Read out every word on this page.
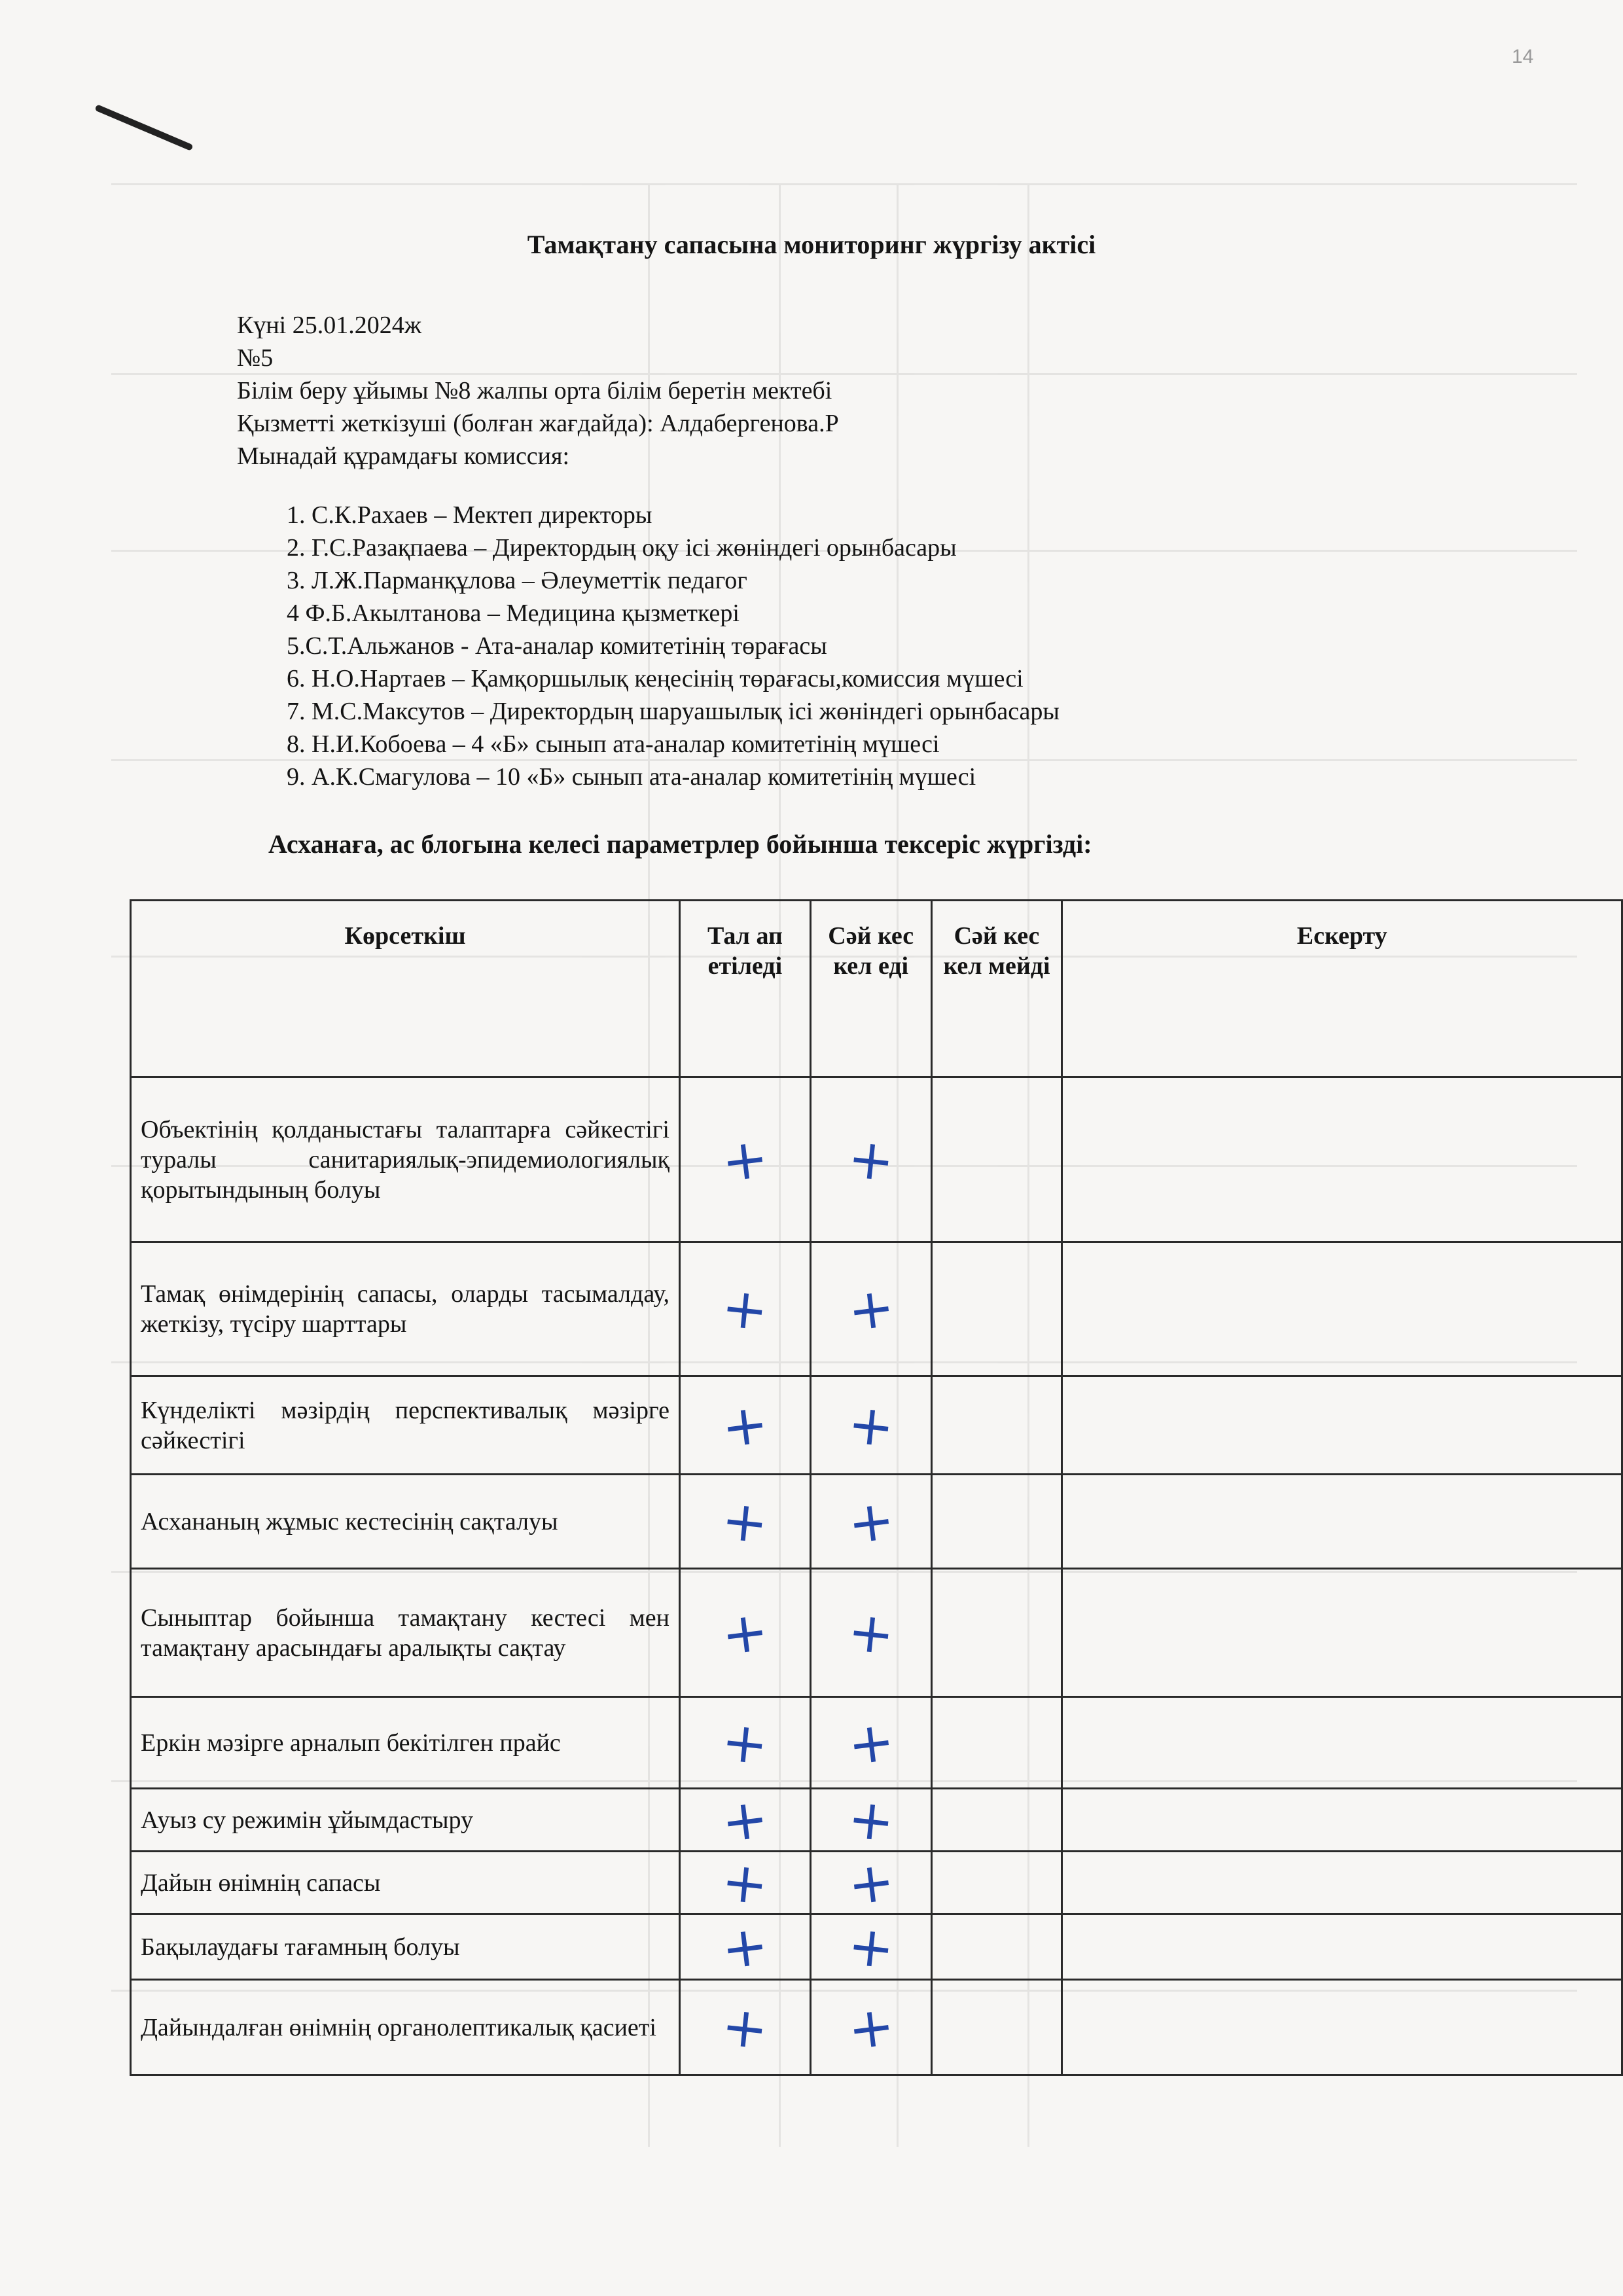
14
Тамақтану сапасына мониторинг жүргізу актісі
Күні 25.01.2024ж
№5
Білім беру ұйымы №8 жалпы орта білім беретін мектебі
Қызметті жеткізуші (болған жағдайда): Алдабергенова.Р
Мынадай құрамдағы комиссия:
1. С.К.Рахаев – Мектеп директоры
2. Г.С.Разақпаева – Директордың оқу ісі жөніндегі орынбасары
3. Л.Ж.Парманқұлова – Әлеуметтік педагог
4 Ф.Б.Акылтанова – Медицина қызметкері
5.С.Т.Альжанов - Ата-аналар комитетінің төрағасы
6. Н.О.Нартаев – Қамқоршылық кеңесінің төрағасы,комиссия мүшесі
7. М.С.Максутов – Директордың шаруашылық ісі жөніндегі орынбасары
8. Н.И.Кобоева – 4 «Б» сынып ата-аналар комитетінің мүшесі
9. А.К.Смагулова – 10 «Б» сынып ата-аналар комитетінің мүшесі
Асханаға, ас блогына келесі параметрлер бойынша тексеріс жүргізді:
Көрсеткіш	Тал ап етіледі	Сәй кес кел еді	Сәй кес кел мейді	Ескерту
Объектінің қолданыстағы талаптарға сәйкестігі туралы санитариялық-эпидемиологиялық қорытындының болуы	+	+		
Тамақ өнімдерінің сапасы, оларды тасымалдау, жеткізу, түсіру шарттары	+	+		
Күнделікті мәзірдің перспективалық мәзірге сәйкестігі	+	+		
Асхананың жұмыс кестесінің сақталуы	+	+		
Сыныптар бойынша тамақтану кестесі мен тамақтану арасындағы аралықты сақтау	+	+		
Еркін мәзірге арналып бекітілген прайс	+	+		
Ауыз су режимін ұйымдастыру	+	+		
Дайын өнімнің сапасы	+	+		
Бақылаудағы тағамның болуы	+	+		
Дайындалған өнімнің органолептикалық қасиеті	+	+		
